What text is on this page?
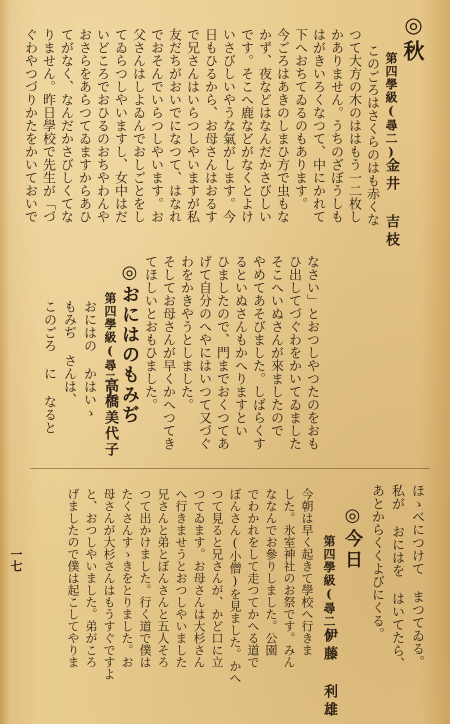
◎秋
第四學級(尋二)
金井 吉枝
このごろはさくらのはも赤くな
つて大方の木のははもう一二枚し
かありません。うちのざぼうしも
はがきいろくなつて、中にかれて
下へおちてゐるのもあります。
今ごろはあきのしまひ方で虫もな
かず、夜などはなんだかさびしい
です。そこへ鹿などがなくとよけ
いさびしいやうな氣がします。今
日もひるから、お母さんはおるす
で兄さんはいらつしやいますが私
友だちがおいでになつて、はなれ
でおそんでいらつしやいます。お
父さんはしよゐんでおしごとをし
てゐらつしやいますし、女中はだ
いどころでおひるのおちやわんや
おさらをあらつてゐますからあひ
てがなく、なんだかさびしくてな
りません。昨日學校で先生が「づ
ぐわやつづりかたをかいておいで
なさい」とおつしやつたのをおも
ひ出してづぐわをかいてゐました
そこへいぬさんが來ましたので
やめてあそびました。しばらくす
るといぬさんもかへりますとい
ひましたので、門までおくつてあ
げて自分のへやにはいつて又づぐ
わをかきやうとしました。
そしてお母さんが早くかへつてき
てほしいとおもひました。
◎おにはのもみぢ
第四學級(尋二)
高橋美代子
おにはの かはいゝ
もみぢ さんは、
このごろ に なると
ほゝべにつけて まつてゐる。
私が おにはを はいてたら、
あとからくくよびにくる。
◎今日
第四學級(尋二)
伊藤 利雄
今朝は早く起きて學校へ行きま
した。氷室神社のお祭です。みん
ななんでお參りしました。公園
でわかれをして走つてかへる道で
ぼんさん(小僧)を見ました。かへ
つて見ると兄さんが、かど口に立
つてゐます。お母さんは大杉さん
へ行きませうとおつしやいました
兄さんと弟とぼんさんと五人そろ
つて出かけました。行く道で僕は
たくさんすゝきをとりました。お
母さんが大杉さんはもうすぐですよ
と、おつしやいました。弟がころ
げましたので僕は起こしてやりま
一七
